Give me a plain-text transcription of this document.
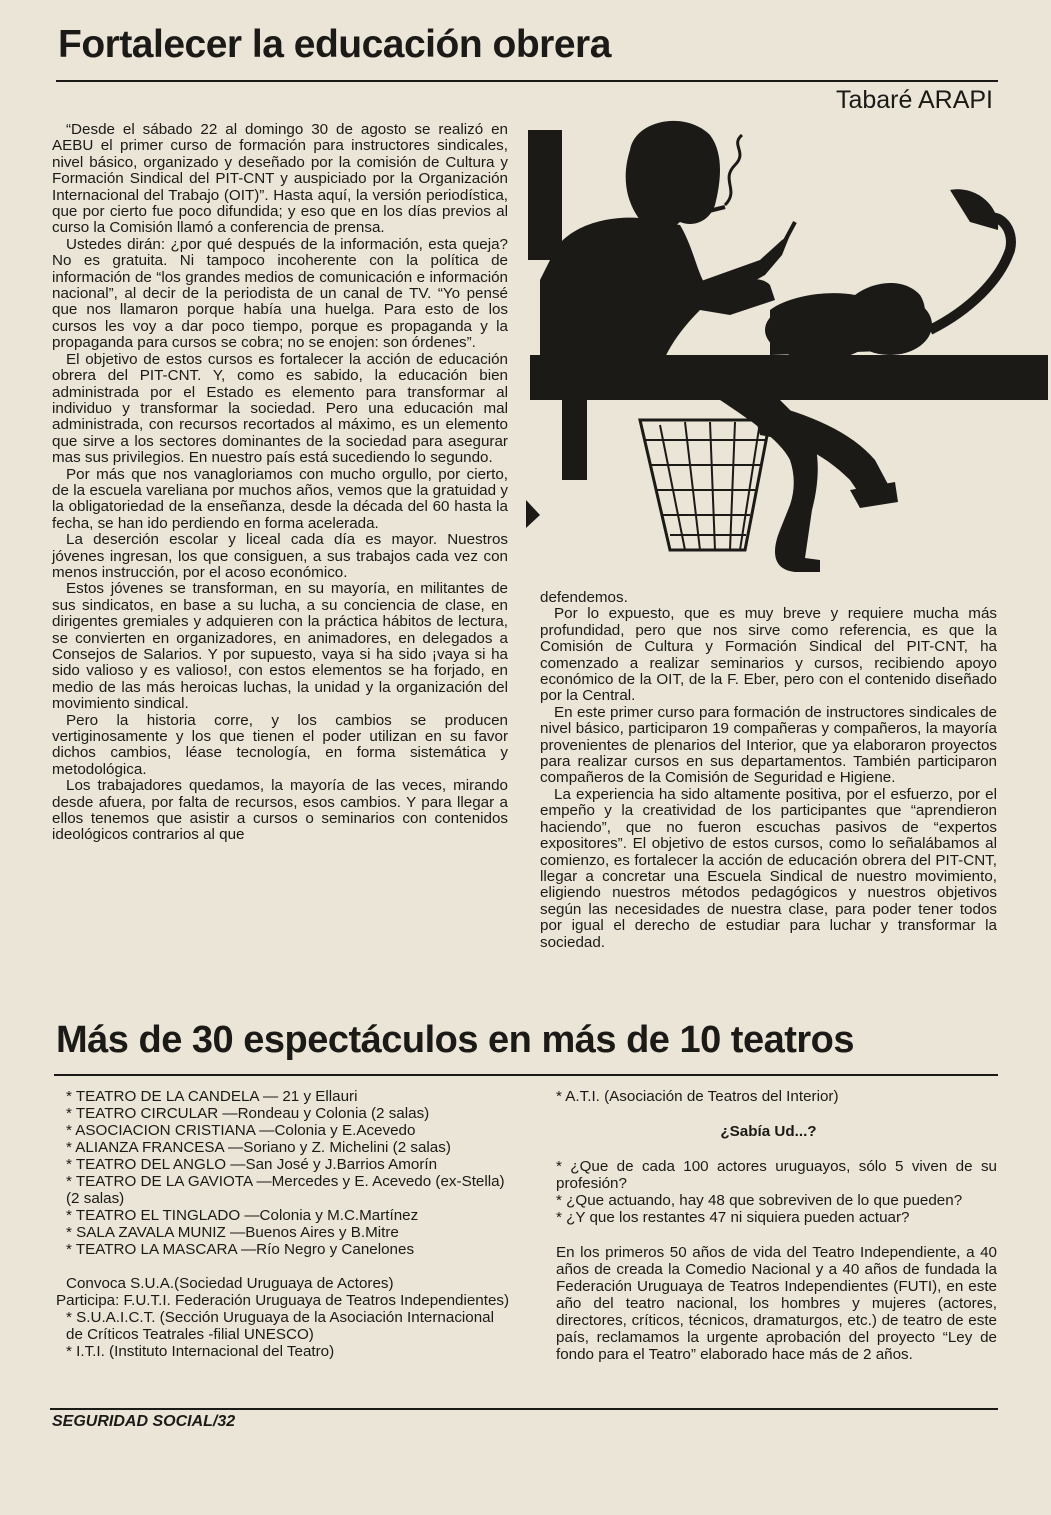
Fortalecer la educación obrera
Tabaré ARAPI

“Desde el sábado 22 al domingo 30 de agosto se realizó en AEBU el primer curso de formación para instructores sindicales, nivel básico, organizado y deseñado por la comisión de Cultura y Formación Sindical del PIT-CNT y auspiciado por la Organización Internacional del Trabajo (OIT)”. Hasta aquí, la versión periodística, que por cierto fue poco difundida; y eso que en los días previos al curso la Comisión llamó a conferencia de prensa.

Ustedes dirán: ¿por qué después de la información, esta queja? No es gratuita. Ni tampoco incoherente con la política de información de “los grandes medios de comunicación e información nacional”, al decir de la periodista de un canal de TV. “Yo pensé que nos llamaron porque había una huelga. Para esto de los cursos les voy a dar poco tiempo, porque es propaganda y la propaganda para cursos se cobra; no se enojen: son órdenes”.

El objetivo de estos cursos es fortalecer la acción de educación obrera del PIT-CNT. Y, como es sabido, la educación bien administrada por el Estado es elemento para transformar al individuo y transformar la sociedad. Pero una educación mal administrada, con recursos recortados al máximo, es un elemento que sirve a los sectores dominantes de la sociedad para asegurar mas sus privilegios. En nuestro país está sucediendo lo segundo.

Por más que nos vanagloriamos con mucho orgullo, por cierto, de la escuela vareliana por muchos años, vemos que la gratuidad y la obligatoriedad de la enseñanza, desde la década del 60 hasta la fecha, se han ido perdiendo en forma acelerada.

La deserción escolar y liceal cada día es mayor. Nuestros jóvenes ingresan, los que consiguen, a sus trabajos cada vez con menos instrucción, por el acoso económico.

Estos jóvenes se transforman, en su mayoría, en militantes de sus sindicatos, en base a su lucha, a su conciencia de clase, en dirigentes gremiales y adquieren con la práctica hábitos de lectura, se convierten en organizadores, en animadores, en delegados a Consejos de Salarios. Y por supuesto, vaya si ha sido ¡vaya si ha sido valioso y es valioso!, con estos elementos se ha forjado, en medio de las más heroicas luchas, la unidad y la organización del movimiento sindical.

Pero la historia corre, y los cambios se producen vertiginosamente y los que tienen el poder utilizan en su favor dichos cambios, léase tecnología, en forma sistemática y metodológica.

Los trabajadores quedamos, la mayoría de las veces, mirando desde afuera, por falta de recursos, esos cambios. Y para llegar a ellos tenemos que asistir a cursos o seminarios con contenidos ideológicos contrarios al que

defendemos.

Por lo expuesto, que es muy breve y requiere mucha más profundidad, pero que nos sirve como referencia, es que la Comisión de Cultura y Formación Sindical del PIT-CNT, ha comenzado a realizar seminarios y cursos, recibiendo apoyo económico de la OIT, de la F. Eber, pero con el contenido diseñado por la Central.

En este primer curso para formación de instructores sindicales de nivel básico, participaron 19 compañeras y compañeros, la mayoría provenientes de plenarios del Interior, que ya elaboraron proyectos para realizar cursos en sus departamentos. También participaron compañeros de la Comisión de Seguridad e Higiene.

La experiencia ha sido altamente positiva, por el esfuerzo, por el empeño y la creatividad de los participantes que “aprendieron haciendo”, que no fueron escuchas pasivos de “expertos expositores”. El objetivo de estos cursos, como lo señalábamos al comienzo, es fortalecer la acción de educación obrera del PIT-CNT, llegar a concretar una Escuela Sindical de nuestro movimiento, eligiendo nuestros métodos pedagógicos y nuestros objetivos según las necesidades de nuestra clase, para poder tener todos por igual el derecho de estudiar para luchar y transformar la sociedad.

Más de 30 espectáculos en más de 10 teatros
* TEATRO DE LA CANDELA — 21 y Ellauri
* TEATRO CIRCULAR —Rondeau y Colonia (2 salas)
* ASOCIACION CRISTIANA —Colonia y E.Acevedo
* ALIANZA FRANCESA —Soriano y Z. Michelini (2 salas)
* TEATRO DEL ANGLO —San José y J.Barrios Amorín
* TEATRO DE LA GAVIOTA —Mercedes y E. Acevedo (ex-Stella) (2 salas)
* TEATRO EL TINGLADO —Colonia y M.C.Martínez
* SALA ZAVALA MUNIZ —Buenos Aires y B.Mitre
* TEATRO LA MASCARA —Río Negro y Canelones
Convoca S.U.A.(Sociedad Uruguaya de Actores)
Participa: F.U.T.I. Federación Uruguaya de Teatros Independientes)
* S.U.A.I.C.T. (Sección Uruguaya de la Asociación Internacional de Críticos Teatrales -filial UNESCO)
* I.T.I. (Instituto Internacional del Teatro)
* A.T.I. (Asociación de Teatros del Interior)
¿Sabía Ud...?
* ¿Que de cada 100 actores uruguayos, sólo 5 viven de su profesión?
* ¿Que actuando, hay 48 que sobreviven de lo que pueden?
* ¿Y que los restantes 47 ni siquiera pueden actuar?
En los primeros 50 años de vida del Teatro Independiente, a 40 años de creada la Comedio Nacional y a 40 años de fundada la Federación Uruguaya de Teatros Independientes (FUTI), en este año del teatro nacional, los hombres y mujeres (actores, directores, críticos, técnicos, dramaturgos, etc.) de teatro de este país, reclamamos la urgente aprobación del proyecto “Ley de fondo para el Teatro” elaborado hace más de 2 años.
SEGURIDAD SOCIAL/32
